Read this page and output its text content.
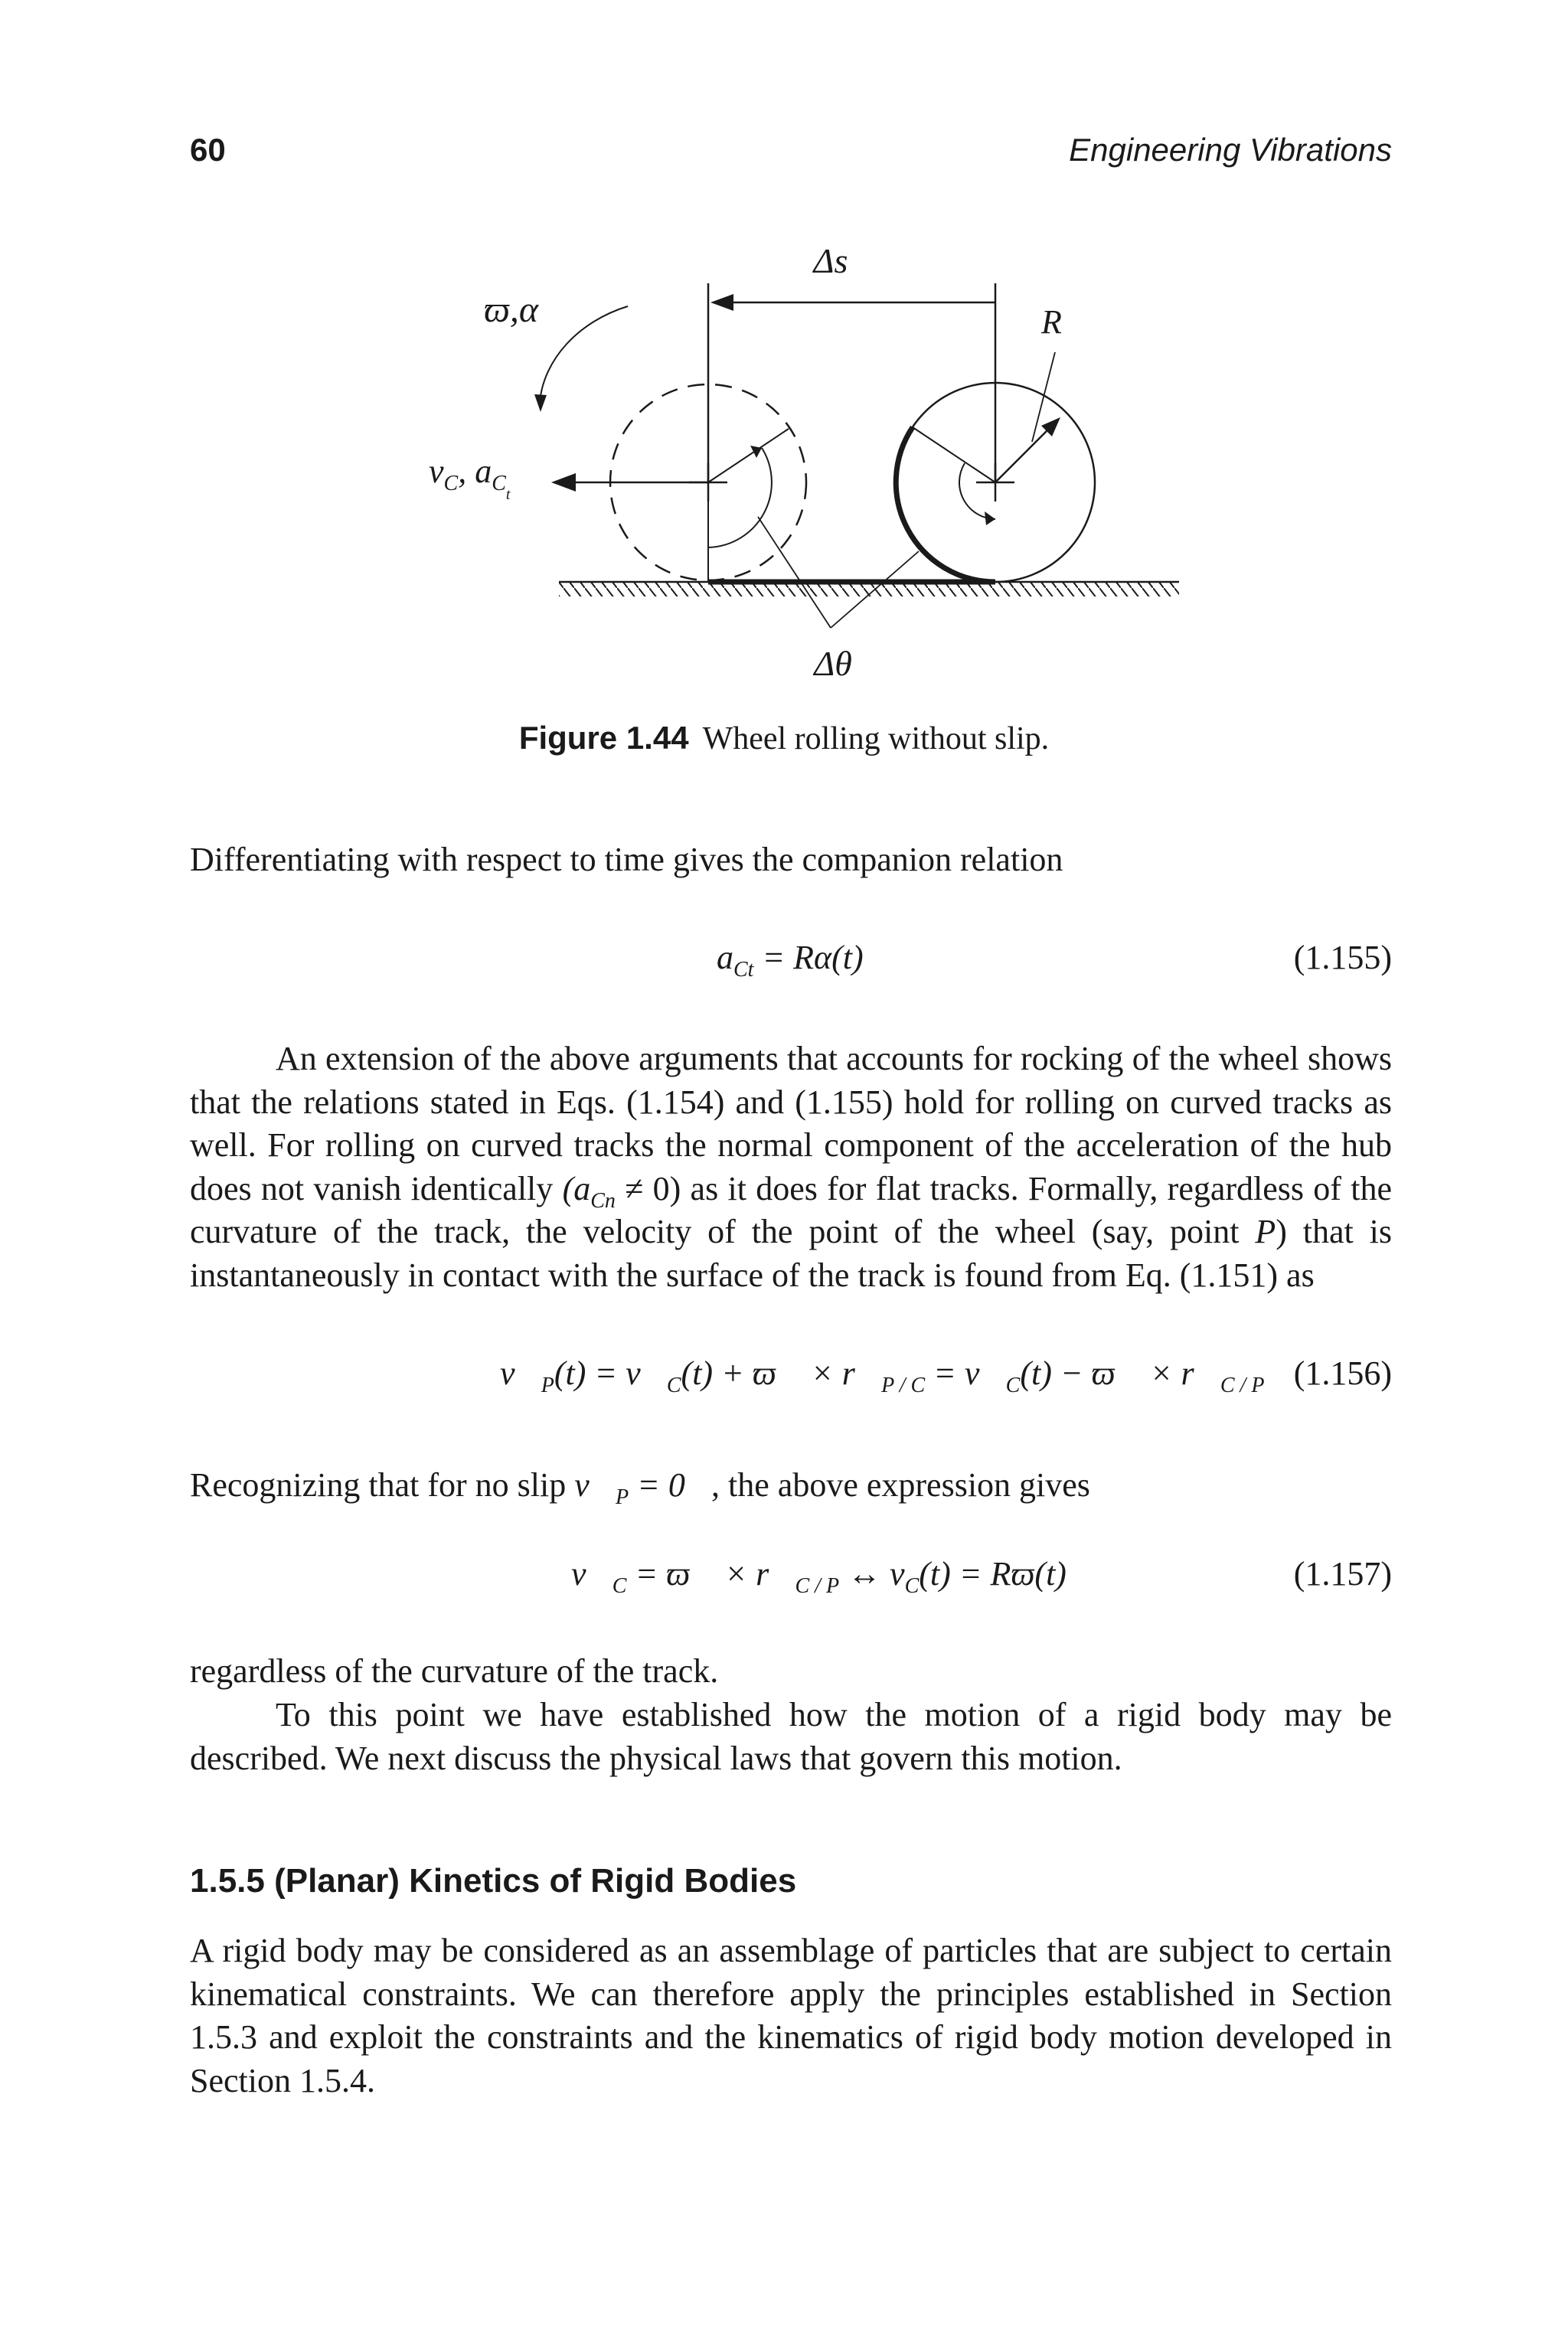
60	Engineering Vibrations
Δs
R
ϖ,α
$v_C$, $a_{Ct}$
Δθ
Figure 1.44 Wheel rolling without slip.

Differentiating with respect to time gives the companion relation

$a_{Ct} = R\alpha(t)$	(1.155)

An extension of the above arguments that accounts for rocking of the wheel shows that the relations stated in Eqs. (1.154) and (1.155) hold for rolling on curved tracks as well. For rolling on curved tracks the normal component of the acceleration of the hub does not vanish identically $(a_{Cn} \ne 0)$ as it does for flat tracks. Formally, regardless of the curvature of the track, the velocity of the point of the wheel (say, point P) that is instantaneously in contact with the surface of the track is found from Eq. (1.151) as

$v⃗_P(t)$ = $v⃗_C(t)$ + ϖ⃗ × $r⃗_{P / C}$ = $v⃗_C(t)$ − ϖ⃗ × $r⃗_{C / P}$ (1.156)

Recognizing that for no slip $v⃗_P$ = 0⃗, the above expression gives

$v⃗_C$ = ϖ⃗ × $r⃗_{C / P}$ ↔ $v_C(t) = Rϖ(t)$	(1.157)

regardless of the curvature of the track.

To this point we have established how the motion of a rigid body may be described. We next discuss the physical laws that govern this motion.

1.5.5 (Planar) Kinetics of Rigid Bodies

A rigid body may be considered as an assemblage of particles that are subject to certain kinematical constraints. We can therefore apply the principles established in Section 1.5.3 and exploit the constraints and the kinematics of rigid body motion developed in Section 1.5.4.
